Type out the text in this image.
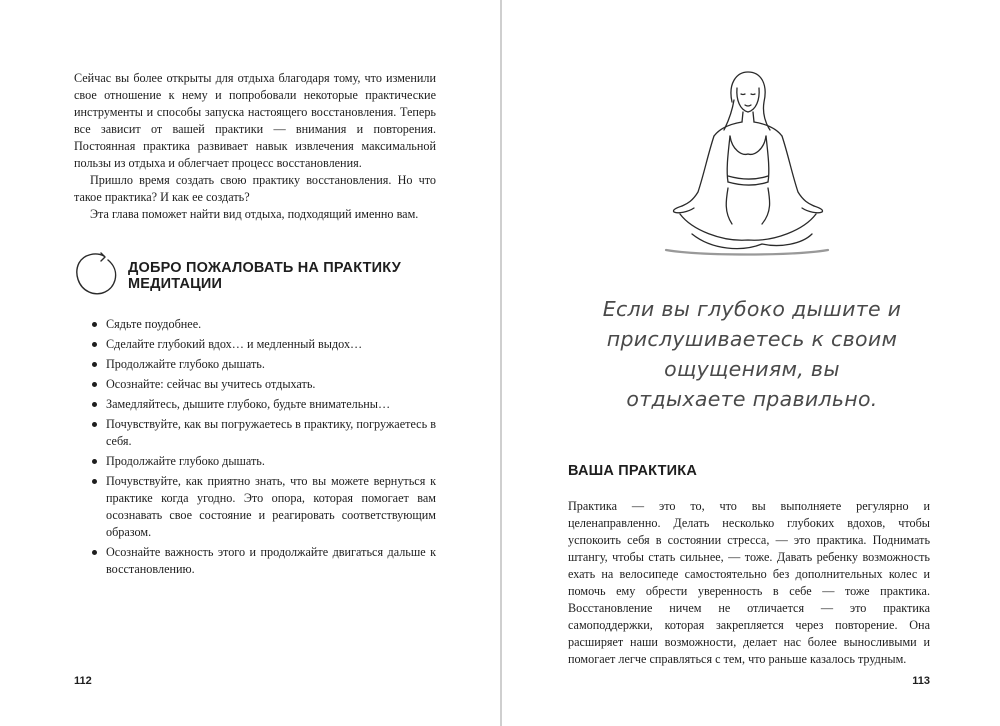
Сейчас вы более открыты для отдыха благодаря тому, что изменили свое отношение к нему и попробовали некоторые практические инструменты и способы запуска настоящего восстановления. Теперь все зависит от вашей практики — внимания и повторения. Постоянная практика развивает навык извлечения максимальной пользы из отдыха и облегчает процесс восстановления.
Пришло время создать свою практику восстановления. Но что такое практика? И как ее создать?
Эта глава поможет найти вид отдыха, подходящий именно вам.
ДОБРО ПОЖАЛОВАТЬ НА ПРАКТИКУ МЕДИТАЦИИ
Сядьте поудобнее.
Сделайте глубокий вдох… и медленный выдох…
Продолжайте глубоко дышать.
Осознайте: сейчас вы учитесь отдыхать.
Замедляйтесь, дышите глубоко, будьте внимательны…
Почувствуйте, как вы погружаетесь в практику, погружаетесь в себя.
Продолжайте глубоко дышать.
Почувствуйте, как приятно знать, что вы можете вернуться к практике когда угодно. Это опора, которая помогает вам осознавать свое состояние и реагировать соответствующим образом.
Осознайте важность этого и продолжайте двигаться дальше к восстановлению.
112
Если вы глубоко дышите и прислушиваетесь к своим ощущениям, вы отдыхаете правильно.
ВАША ПРАКТИКА
Практика — это то, что вы выполняете регулярно и целенаправленно. Делать несколько глубоких вдохов, чтобы успокоить себя в состоянии стресса, — это практика. Поднимать штангу, чтобы стать сильнее, — тоже. Давать ребенку возможность ехать на велосипеде самостоятельно без дополнительных колес и помочь ему обрести уверенность в себе — тоже практика. Восстановление ничем не отличается — это практика самоподдержки, которая закрепляется через повторение. Она расширяет наши возможности, делает нас более выносливыми и помогает легче справляться с тем, что раньше казалось трудным.
113
